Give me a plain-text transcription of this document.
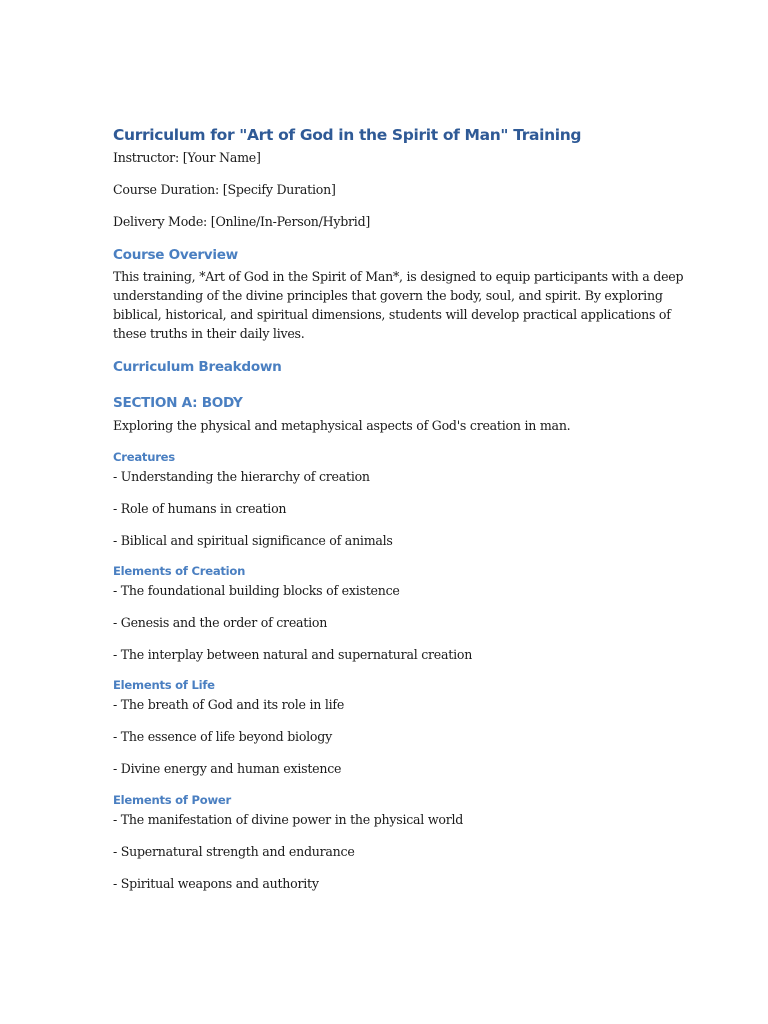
Curriculum for "Art of God in the Spirit of Man" Training

Instructor: [Your Name]

Course Duration: [Specify Duration]

Delivery Mode: [Online/In-Person/Hybrid]

Course Overview

This training, *Art of God in the Spirit of Man*, is designed to equip participants with a deep

understanding of the divine principles that govern the body, soul, and spirit. By exploring

biblical, historical, and spiritual dimensions, students will develop practical applications of

these truths in their daily lives.

Curriculum Breakdown
SECTION A: BODY

Exploring the physical and metaphysical aspects of God's creation in man.

Creatures

- Understanding the hierarchy of creation

- Role of humans in creation

- Biblical and spiritual significance of animals

Elements of Creation

- The foundational building blocks of existence

- Genesis and the order of creation

- The interplay between natural and supernatural creation

Elements of Life

- The breath of God and its role in life

- The essence of life beyond biology

- Divine energy and human existence

Elements of Power

- The manifestation of divine power in the physical world

- Supernatural strength and endurance

- Spiritual weapons and authority
